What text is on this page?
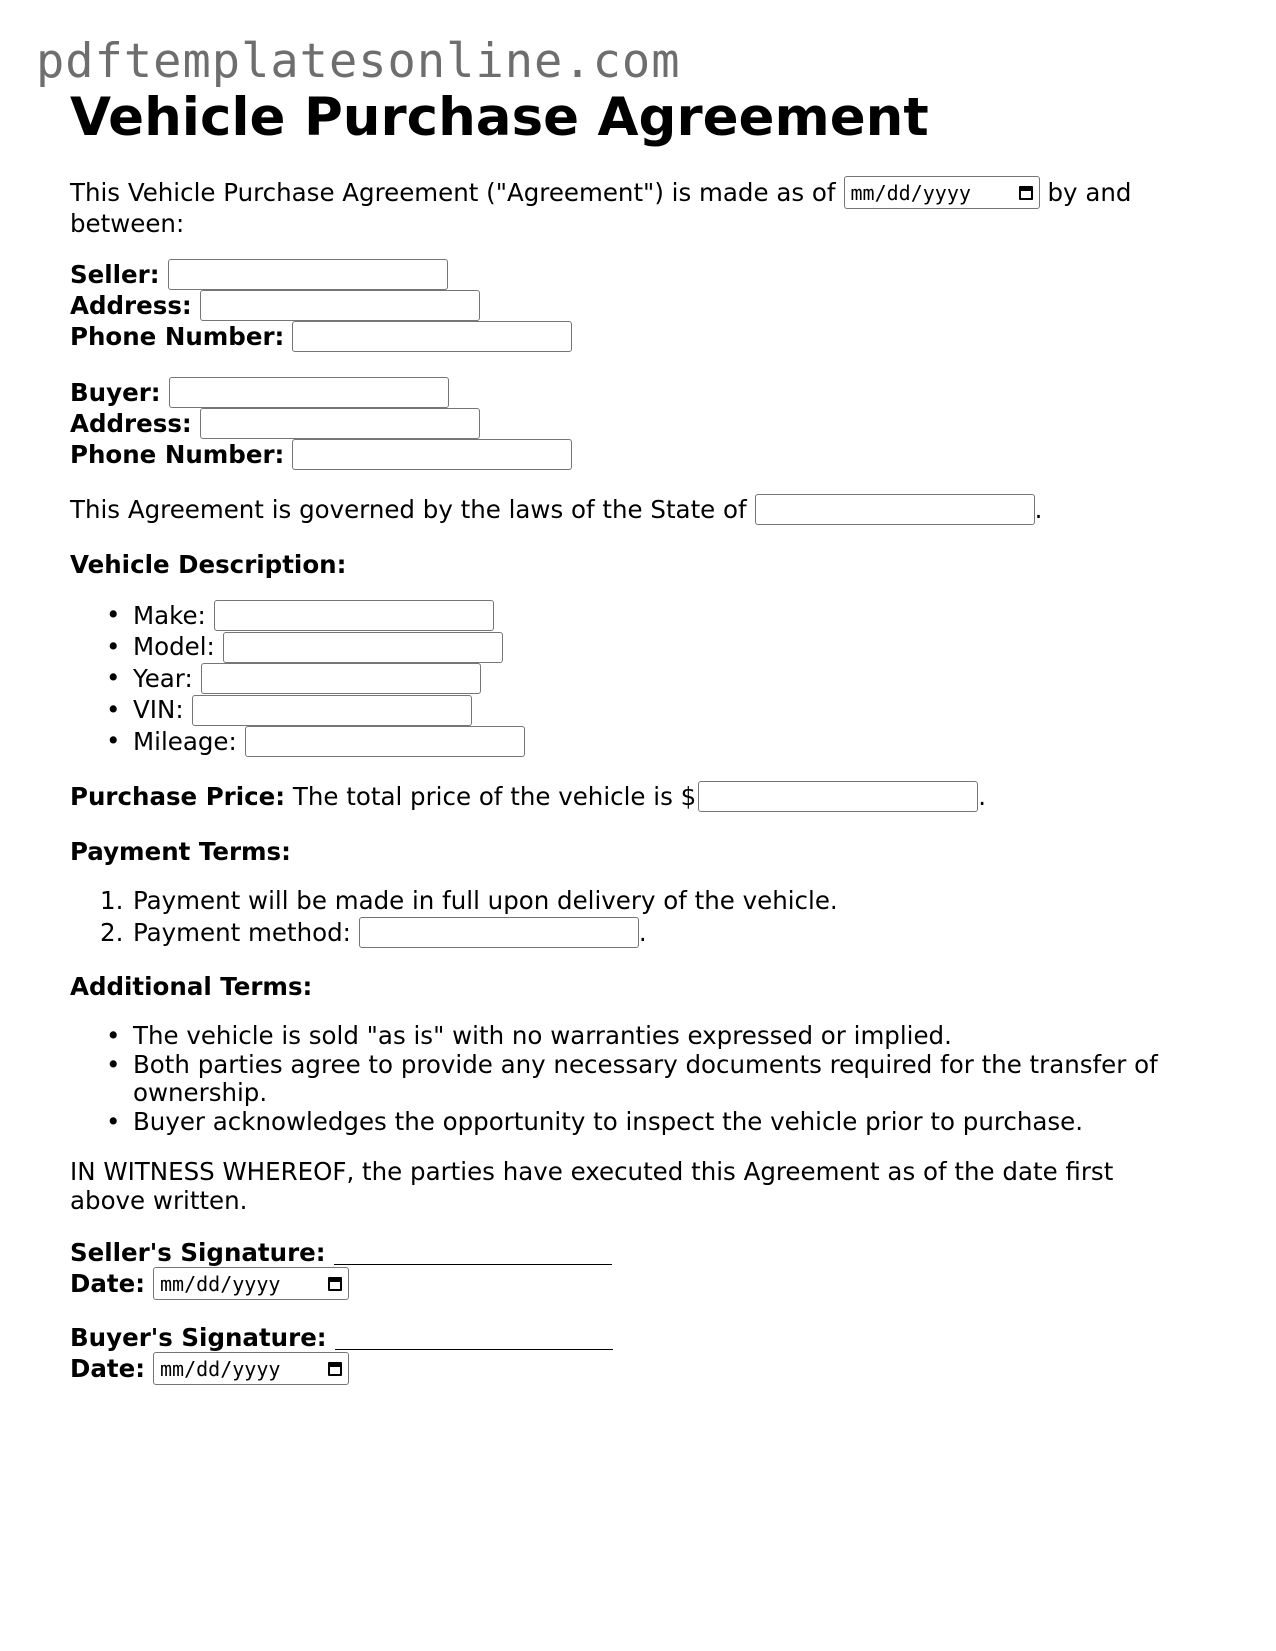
pdftemplatesonline.com
Vehicle Purchase Agreement
This Vehicle Purchase Agreement ("Agreement") is made as of mm/dd/yyyy	by and
between:
Seller:
Address:
Phone Number:
Buyer:
Address:
Phone Number:
This Agreement is governed by the laws of the State of	.
Vehicle Description:
• Make:
• Model:
• Year:
• VIN:
• Mileage:
Purchase Price:
The total price of the vehicle is $	.
Payment Terms:
1. Payment will be made in full upon delivery of the vehicle.
2. Payment method:	.
Additional Terms:
• The vehicle is sold "as is" with no warranties expressed or implied.
• Both parties agree to provide any necessary documents required for the transfer of
ownership.
• Buyer acknowledges the opportunity to inspect the vehicle prior to purchase.
IN WITNESS WHEREOF, the parties have executed this Agreement as of the date first
above written.
Seller's Signature:
Date: mm/dd/yyyy
Buyer's Signature:
Date: mm/dd/yyyy
